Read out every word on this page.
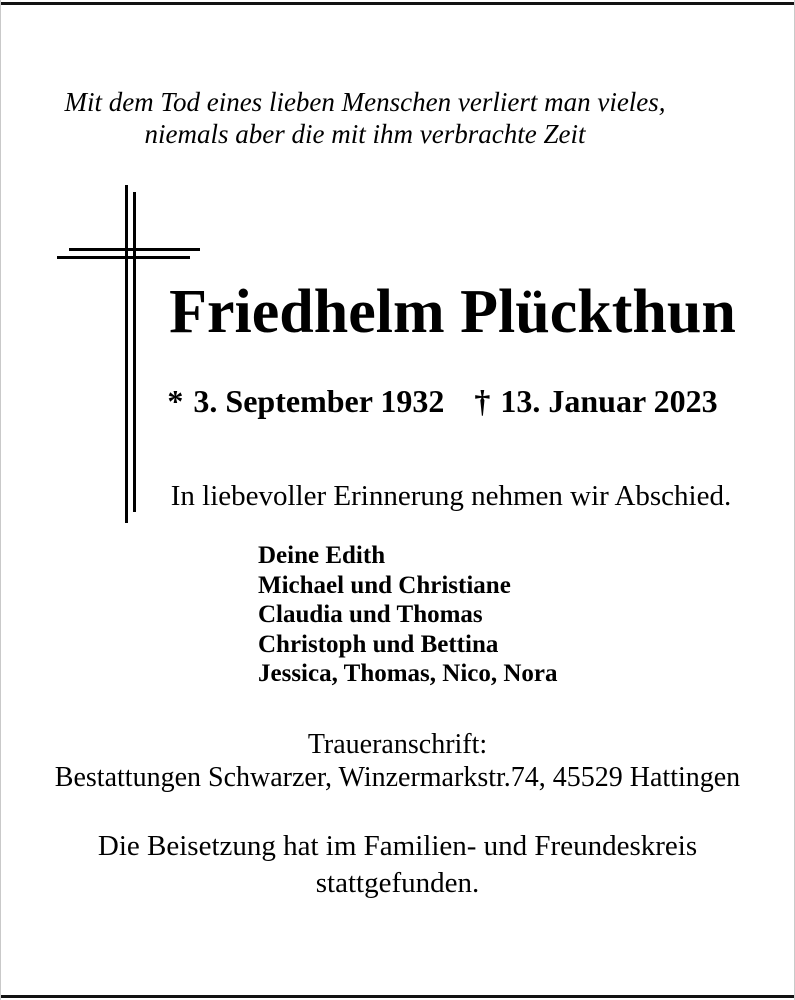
Mit dem Tod eines lieben Menschen verliert man vieles,
niemals aber die mit ihm verbrachte Zeit
Friedhelm Plückthun
* 3. September 1932 † 13. Januar 2023
In liebevoller Erinnerung nehmen wir Abschied.
Deine Edith
Michael und Christiane
Claudia und Thomas
Christoph und Bettina
Jessica, Thomas, Nico, Nora
Traueranschrift:
Bestattungen Schwarzer, Winzermarkstr.74, 45529 Hattingen
Die Beisetzung hat im Familien- und Freundeskreis
stattgefunden.
